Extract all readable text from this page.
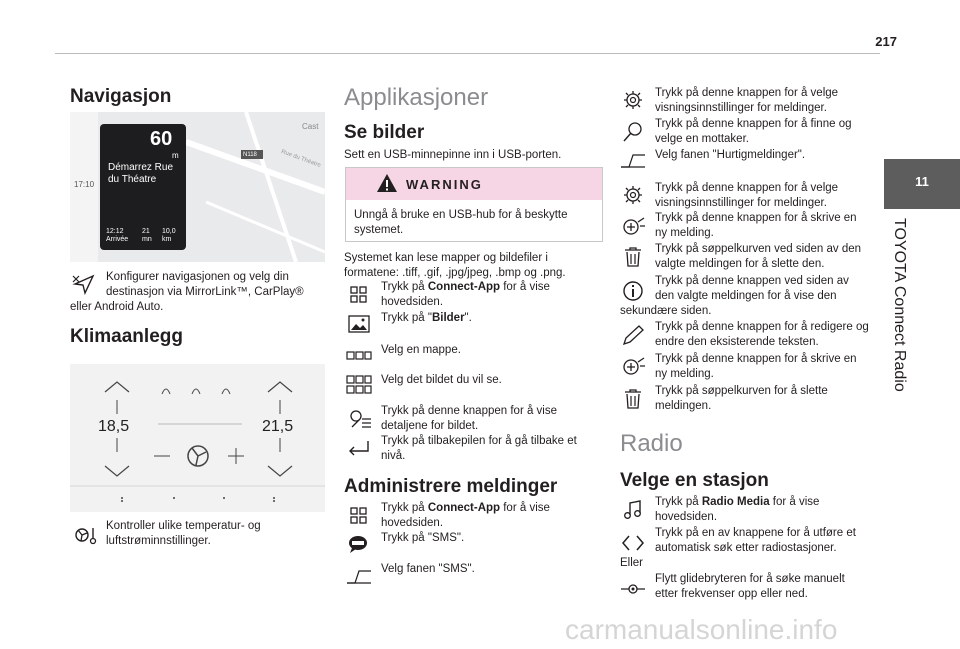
217
11
TOYOTA Connect Radio
Navigasjon
17:10
60
m
Démarrez Rue du Théatre
12:12
Arrivée
21
mn
10,0
km
N118	Rue du Théatre
Cast
Konfigurer navigasjonen og velg din
destinasjon via MirrorLink™, CarPlay®
eller Android Auto.
Klimaanlegg
18,5	21,5
Kontroller ulike temperatur- og
luftstrøminnstillinger.
Applikasjoner
Se bilder
Sett en USB-minnepinne inn i USB-porten.
WARNING
Unngå å bruke en USB-hub for å beskytte
systemet.
Systemet kan lese mapper og bildefiler i
formatene: .tiff, .gif, .jpg/jpeg, .bmp og .png.
Trykk på Connect-App for å vise
hovedsiden.
Trykk på "Bilder".
Velg en mappe.
Velg det bildet du vil se.
Trykk på denne knappen for å vise
detaljene for bildet.
Trykk på tilbakepilen for å gå tilbake et
nivå.
Administrere meldinger
Trykk på Connect-App for å vise
hovedsiden.
Trykk på "SMS".
Velg fanen "SMS".
Trykk på denne knappen for å velge
visningsinnstillinger for meldinger.
Trykk på denne knappen for å finne og
velge en mottaker.
Velg fanen "Hurtigmeldinger".
Trykk på denne knappen for å velge
visningsinnstillinger for meldinger.
Trykk på denne knappen for å skrive en
ny melding.
Trykk på søppelkurven ved siden av den
valgte meldingen for å slette den.
Trykk på denne knappen ved siden av
den valgte meldingen for å vise den
sekundære siden.
Trykk på denne knappen for å redigere og
endre den eksisterende teksten.
Trykk på denne knappen for å skrive en
ny melding.
Trykk på søppelkurven for å slette
meldingen.
Radio
Velge en stasjon
Trykk på Radio Media for å vise
hovedsiden.
Trykk på en av knappene for å utføre et
automatisk søk etter radiostasjoner.
Eller
Flytt glidebryteren for å søke manuelt
etter frekvenser opp eller ned.
carmanualsonline.info
